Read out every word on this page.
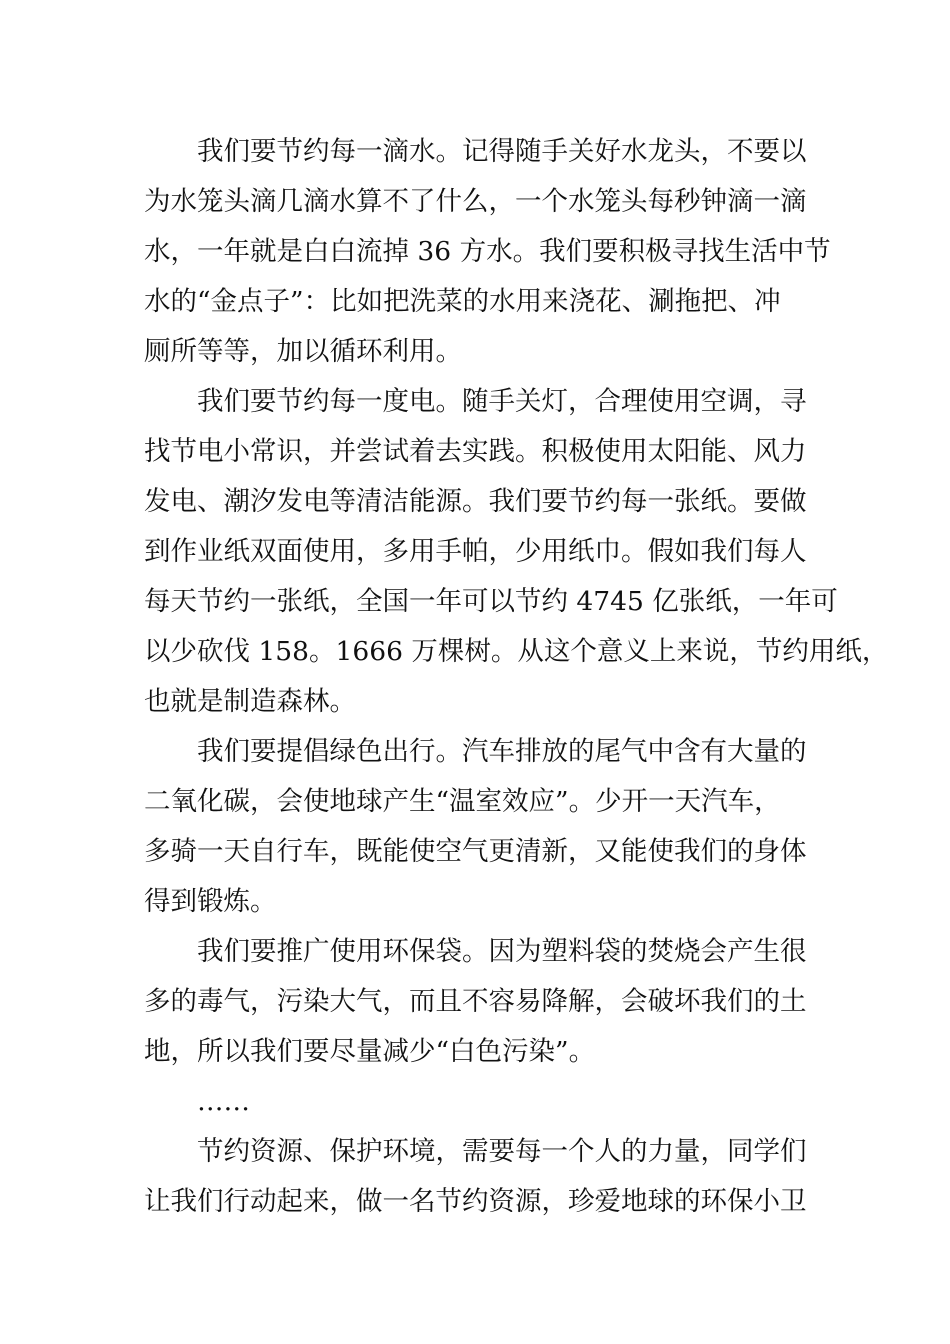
　　我们要节约每一滴水。记得随手关好水龙头，不要以
为水笼头滴几滴水算不了什么，一个水笼头每秒钟滴一滴
水，一年就是白白流掉 36 方水。我们要积极寻找生活中节
水的“金点子”：比如把洗菜的水用来浇花、涮拖把、冲
厕所等等，加以循环利用。
　　我们要节约每一度电。随手关灯，合理使用空调，寻
找节电小常识，并尝试着去实践。积极使用太阳能、风力
发电、潮汐发电等清洁能源。我们要节约每一张纸。要做
到作业纸双面使用，多用手帕，少用纸巾。假如我们每人
每天节约一张纸，全国一年可以节约 4745 亿张纸，一年可
以少砍伐 158。1666 万棵树。从这个意义上来说，节约用纸，
也就是制造森林。
　　我们要提倡绿色出行。汽车排放的尾气中含有大量的
二氧化碳，会使地球产生“温室效应”。少开一天汽车，
多骑一天自行车，既能使空气更清新，又能使我们的身体
得到锻炼。
　　我们要推广使用环保袋。因为塑料袋的焚烧会产生很
多的毒气，污染大气，而且不容易降解，会破坏我们的土
地，所以我们要尽量减少“白色污染”。
　　……
　　节约资源、保护环境，需要每一个人的力量，同学们
让我们行动起来，做一名节约资源，珍爱地球的环保小卫
